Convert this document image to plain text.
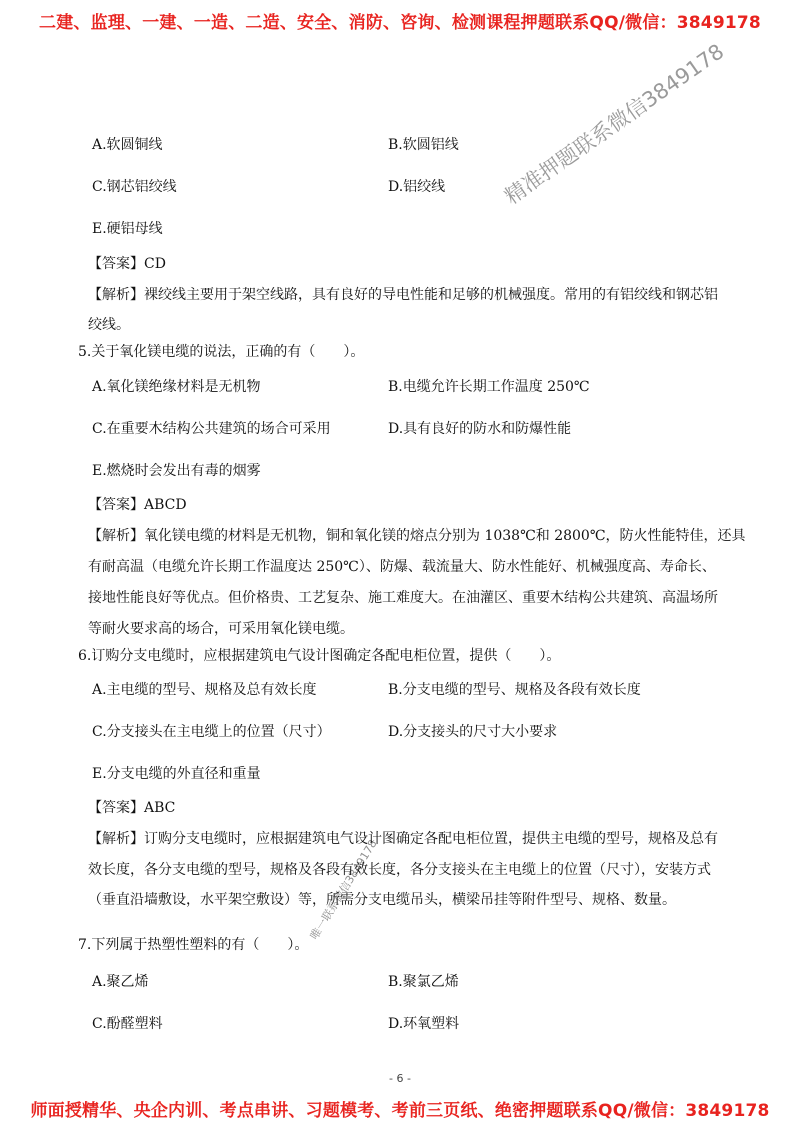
二建、监理、一建、一造、二造、安全、消防、咨询、检测课程押题联系QQ/微信：3849178
精准押题联系微信3849178
唯一联系微信3849178
A.软圆铜线	B.软圆铝线
C.钢芯铝绞线	D.铝绞线
E.硬铝母线
【答案】CD
【解析】裸绞线主要用于架空线路，具有良好的导电性能和足够的机械强度。常用的有铝绞线和钢芯铝
绞线。
5.关于氧化镁电缆的说法，正确的有（　　）。
A.氧化镁绝缘材料是无机物	B.电缆允许长期工作温度 250℃
C.在重要木结构公共建筑的场合可采用	D.具有良好的防水和防爆性能
E.燃烧时会发出有毒的烟雾
【答案】ABCD
【解析】氧化镁电缆的材料是无机物，铜和氧化镁的熔点分别为 1038℃和 2800℃，防火性能特佳，还具
有耐高温（电缆允许长期工作温度达 250℃）、防爆、载流量大、防水性能好、机械强度高、寿命长、
接地性能良好等优点。但价格贵、工艺复杂、施工难度大。在油灌区、重要木结构公共建筑、高温场所
等耐火要求高的场合，可采用氧化镁电缆。
6.订购分支电缆时，应根据建筑电气设计图确定各配电柜位置，提供（　　）。
A.主电缆的型号、规格及总有效长度	B.分支电缆的型号、规格及各段有效长度
C.分支接头在主电缆上的位置（尺寸）	D.分支接头的尺寸大小要求
E.分支电缆的外直径和重量
【答案】ABC
【解析】订购分支电缆时，应根据建筑电气设计图确定各配电柜位置，提供主电缆的型号，规格及总有
效长度，各分支电缆的型号，规格及各段有效长度，各分支接头在主电缆上的位置（尺寸），安装方式
（垂直沿墙敷设，水平架空敷设）等，所需分支电缆吊头，横梁吊挂等附件型号、规格、数量。
7.下列属于热塑性塑料的有（　　）。
A.聚乙烯	B.聚氯乙烯
C.酚醛塑料	D.环氧塑料
- 6 -
师面授精华、央企内训、考点串讲、习题模考、考前三页纸、绝密押题联系QQ/微信：3849178
